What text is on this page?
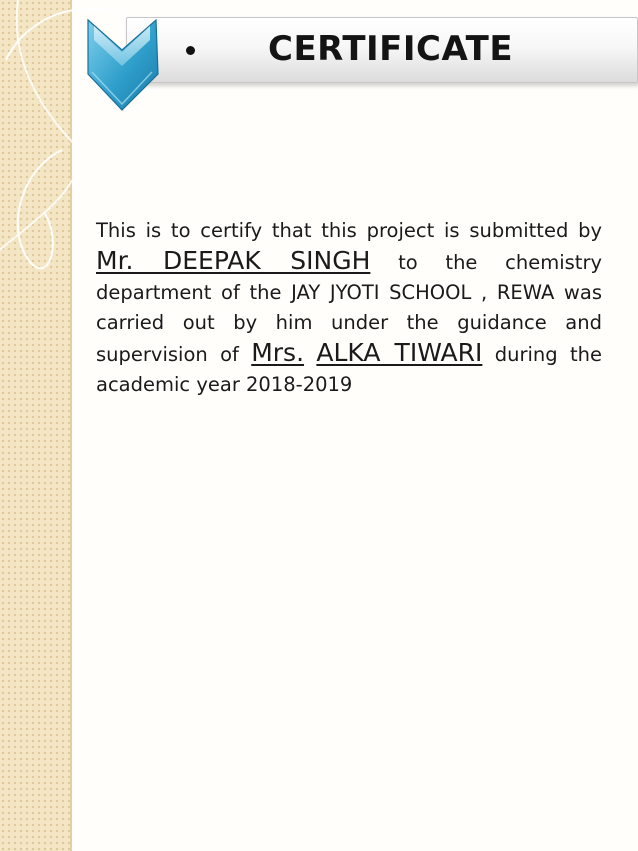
CERTIFICATE
This is to certify that this project is submitted by Mr. DEEPAK SINGH to the chemistry department of the JAY JYOTI SCHOOL , REWA was carried out by him under the guidance and supervision of Mrs. ALKA TIWARI during the academic year 2018-2019
